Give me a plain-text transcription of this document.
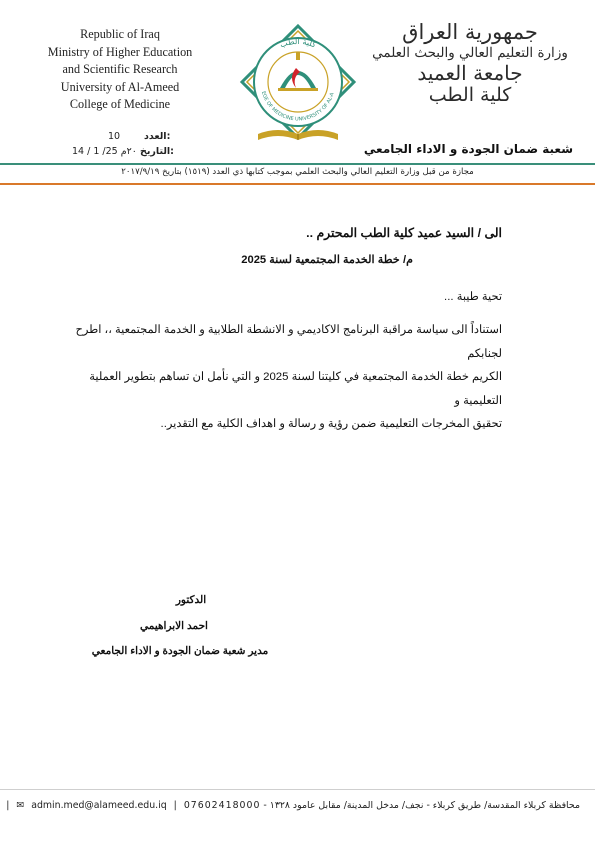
Republic of Iraq
Ministry of Higher Education
and Scientific Research
University of Al-Ameed
College of Medicine
جمهورية العراق
وزارة التعليم العالي والبحث العلمي
جامعة العميد
كلية الطب
شعبة ضمان الجودة و الاداء الجامعي
كلية الطب
EGE OF MEDICINE UNIVERSITY OF AL-A
10	العدد:
14 / 1 /25 ٢٠م التاريخ:
مجازة من قبل وزارة التعليم العالي والبحث العلمي بموجب كتابها ذي العدد (١٥١٩) بتاريخ ٢٠١٧/٩/١٩
الى / السيد عميد كلية الطب المحترم ..
م/ خطة الخدمة المجتمعية لسنة 2025
تحية طيبة ...
استناداً الى سياسة مراقبة البرنامج الاكاديمي و الانشطة الطلابية و الخدمة المجتمعية ،، اطرح لجنابكم
الكريم خطة الخدمة المجتمعية في كليتنا لسنة 2025 و التي نأمل ان تساهم بتطوير العملية التعليمية و
تحقيق المخرجات التعليمية ضمن رؤية و رسالة و اهداف الكلية مع التقدير..
الدكتور
احمد الابراهيمي
مدير شعبة ضمان الجودة و الاداء الجامعي
محافظة كربلاء المقدسة/ طريق كربلاء - نجف/ مدخل المدينة/ مقابل عامود ١٣٢٨ - | ✉ admin.med@alameed.edu.iq | 07602418000
